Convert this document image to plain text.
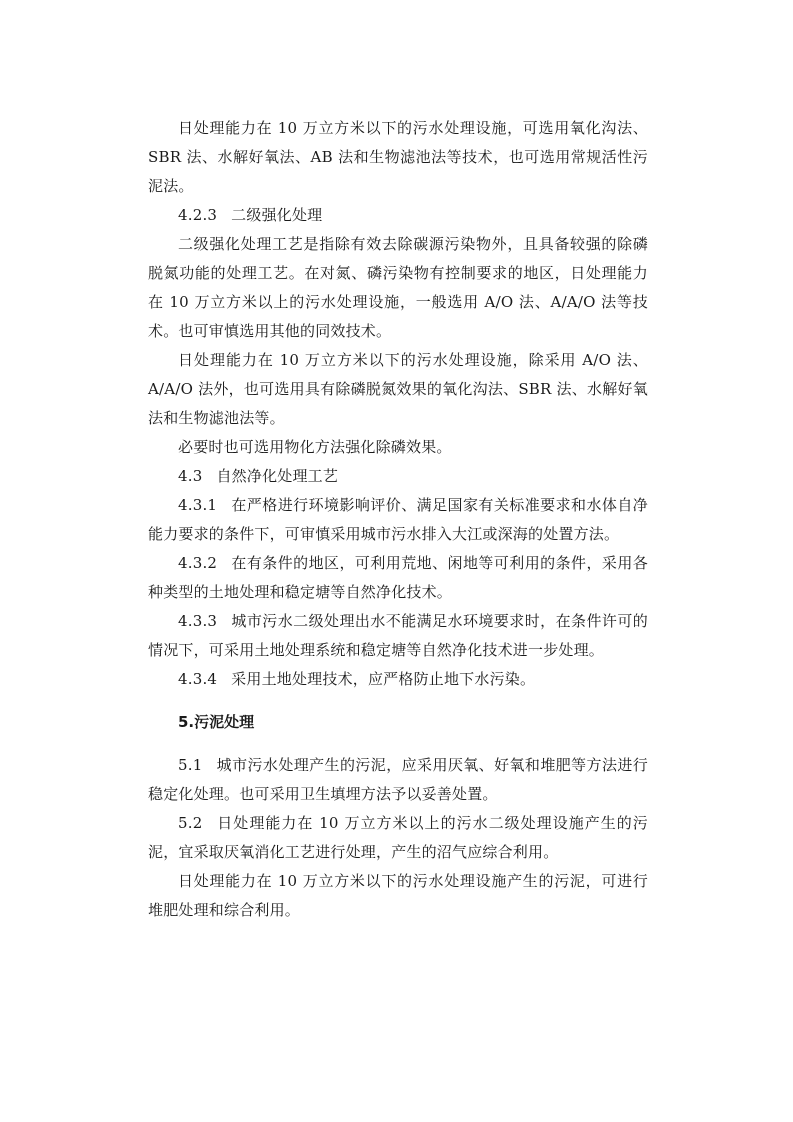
日处理能力在 10 万立方米以下的污水处理设施，可选用氧化沟法、SBR 法、水解好氧法、AB 法和生物滤池法等技术，也可选用常规活性污泥法。

4.2.3 二级强化处理

二级强化处理工艺是指除有效去除碳源污染物外，且具备较强的除磷脱氮功能的处理工艺。在对氮、磷污染物有控制要求的地区，日处理能力在 10 万立方米以上的污水处理设施，一般选用 A/O 法、A/A/O 法等技术。也可审慎选用其他的同效技术。

日处理能力在 10 万立方米以下的污水处理设施，除采用 A/O 法、A/A/O 法外，也可选用具有除磷脱氮效果的氧化沟法、SBR 法、水解好氧法和生物滤池法等。

必要时也可选用物化方法强化除磷效果。

4.3 自然净化处理工艺

4.3.1 在严格进行环境影响评价、满足国家有关标准要求和水体自净能力要求的条件下，可审慎采用城市污水排入大江或深海的处置方法。

4.3.2 在有条件的地区，可利用荒地、闲地等可利用的条件，采用各种类型的土地处理和稳定塘等自然净化技术。

4.3.3 城市污水二级处理出水不能满足水环境要求时，在条件许可的情况下，可采用土地处理系统和稳定塘等自然净化技术进一步处理。

4.3.4 采用土地处理技术，应严格防止地下水污染。

5.污泥处理

5.1 城市污水处理产生的污泥，应采用厌氧、好氧和堆肥等方法进行稳定化处理。也可采用卫生填埋方法予以妥善处置。

5.2 日处理能力在 10 万立方米以上的污水二级处理设施产生的污泥，宜采取厌氧消化工艺进行处理，产生的沼气应综合利用。

日处理能力在 10 万立方米以下的污水处理设施产生的污泥，可进行堆肥处理和综合利用。
